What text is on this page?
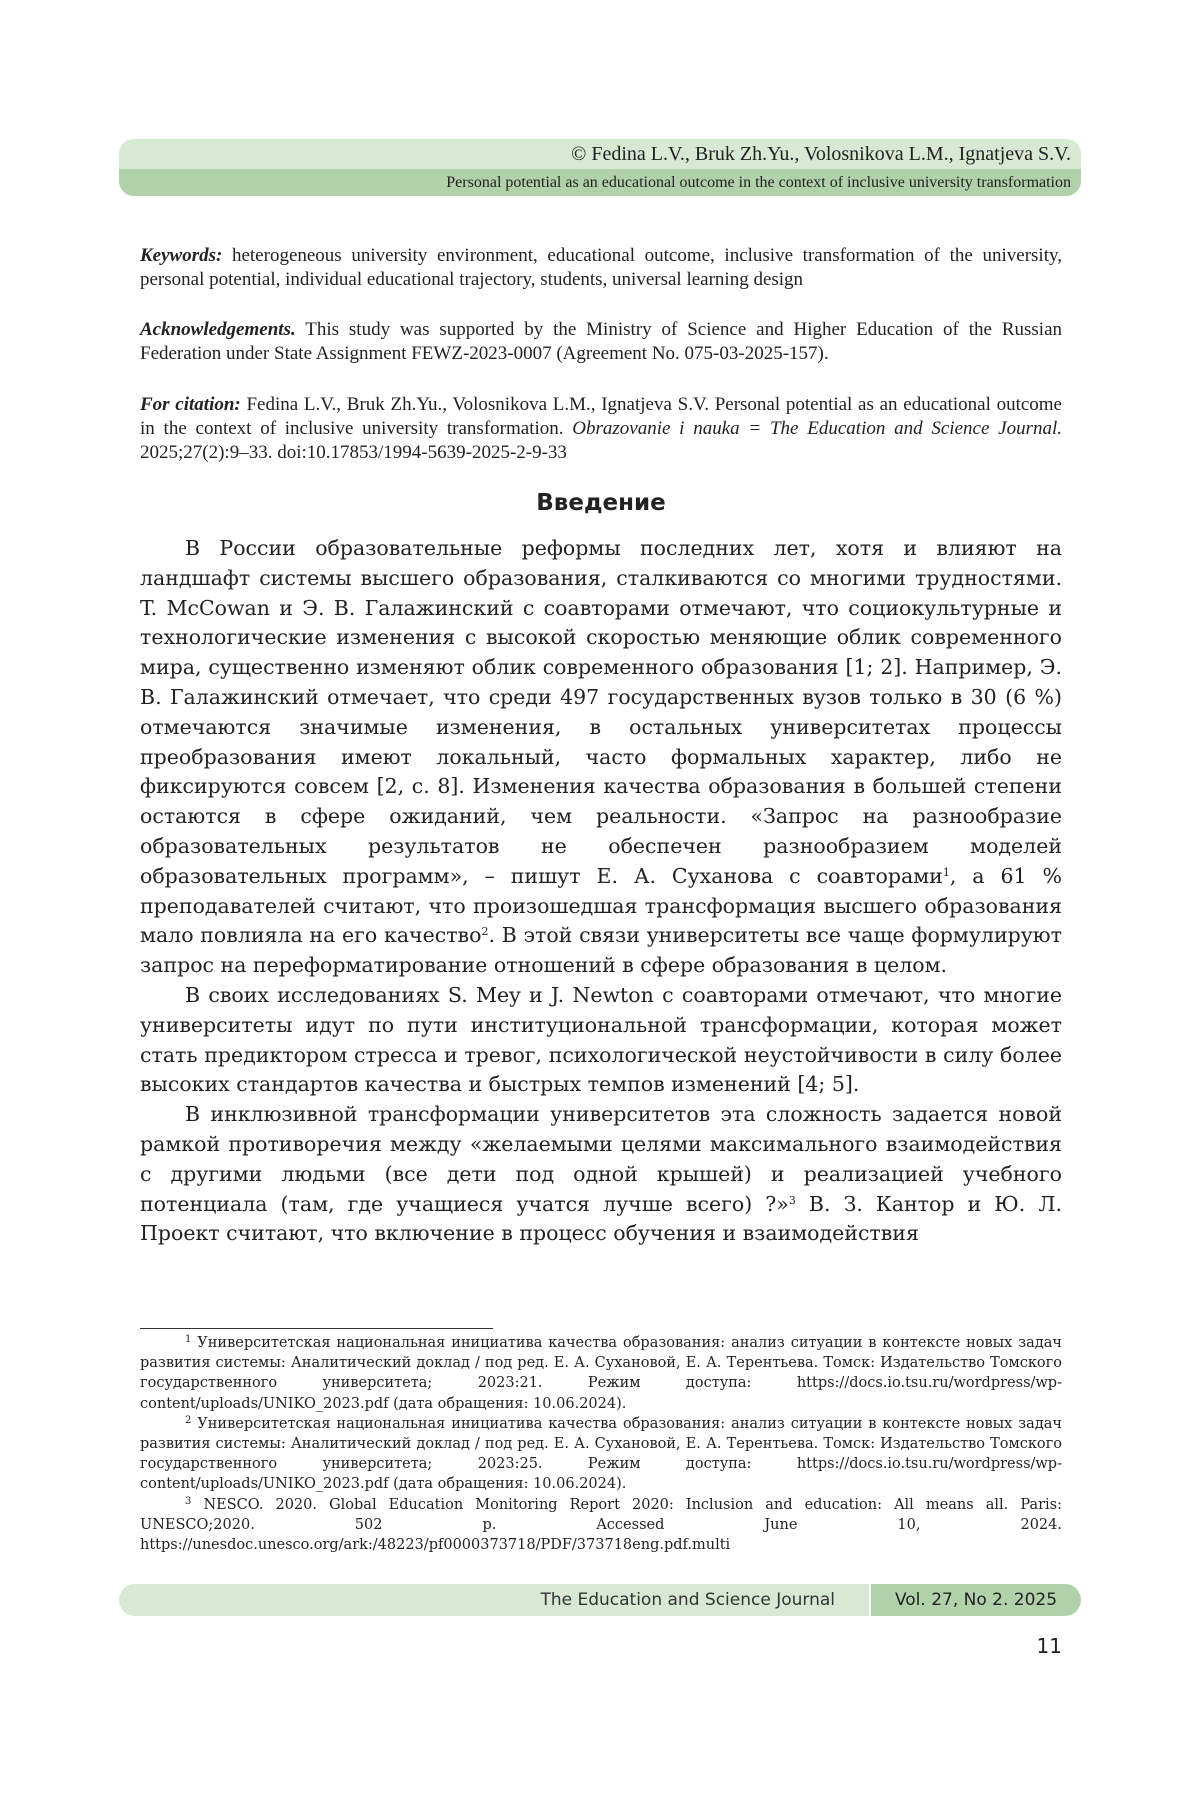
© Fedina L.V., Bruk Zh.Yu., Volosnikova L.M., Ignatjeva S.V.
Personal potential as an educational outcome in the context of inclusive university transformation
Keywords: heterogeneous university environment, educational outcome, inclusive transformation of the university, personal potential, individual educational trajectory, students, universal learning design
Acknowledgements. This study was supported by the Ministry of Science and Higher Education of the Russian Federation under State Assignment FEWZ-2023-0007 (Agreement No. 075-03-2025-157).
For citation: Fedina L.V., Bruk Zh.Yu., Volosnikova L.M., Ignatjeva S.V. Personal potential as an educational outcome in the context of inclusive university transformation. Obrazovanie i nauka = The Education and Science Journal. 2025;27(2):9–33. doi:10.17853/1994-5639-2025-2-9-33
Введение

В России образовательные реформы последних лет, хотя и влияют на ландшафт системы высшего образования, сталкиваются со многими трудностями. T. McCowan и Э. В. Галажинский с соавторами отмечают, что социокультурные и технологические изменения с высокой скоростью меняющие облик современного мира, существенно изменяют облик современного образования [1; 2]. Например, Э. В. Галажинский отмечает, что среди 497 государственных вузов только в 30 (6 %) отмечаются значимые изменения, в остальных университетах процессы преобразования имеют локальный, часто формальных характер, либо не фиксируются совсем [2, с. 8]. Изменения качества образования в большей степени остаются в сфере ожиданий, чем реальности. «Запрос на разнообразие образовательных результатов не обеспечен разнообразием моделей образовательных программ», – пишут Е. А. Суханова с соавторами$^1$, а 61 % преподавателей считают, что произошедшая трансформация высшего образования мало повлияла на его качество$^2$. В этой связи университеты все чаще формулируют запрос на переформатирование отношений в сфере образования в целом.

В своих исследованиях S. Mey и J. Newton с соавторами отмечают, что многие университеты идут по пути институциональной трансформации, которая может стать предиктором стресса и тревог, психологической неустойчивости в силу более высоких стандартов качества и быстрых темпов изменений [4; 5].

В инклюзивной трансформации университетов эта сложность задается новой рамкой противоречия между «желаемыми целями максимального взаимодействия с другими людьми (все дети под одной крышей) и реализацией учебного потенциала (там, где учащиеся учатся лучше всего) ?»$^3$ В. З. Кантор и Ю. Л. Проект считают, что включение в процесс обучения и взаимодействия

$^1$ Университетская национальная инициатива качества образования: анализ ситуации в контексте новых задач развития системы: Аналитический доклад / под ред. Е. А. Сухановой, Е. А. Терентьева. Томск: Издательство Томского государственного университета; 2023:21. Режим доступа: https://docs.io.tsu.ru/wordpress/wp-content/uploads/UNIKO_2023.pdf (дата обращения: 10.06.2024).

$^2$ Университетская национальная инициатива качества образования: анализ ситуации в контексте новых задач развития системы: Аналитический доклад / под ред. Е. А. Сухановой, Е. А. Терентьева. Томск: Издательство Томского государственного университета; 2023:25. Режим доступа: https://docs.io.tsu.ru/wordpress/wp-content/uploads/UNIKO_2023.pdf (дата обращения: 10.06.2024).

$^3$ NESCO. 2020. Global Education Monitoring Report 2020: Inclusion and education: All means all. Paris: UNESCO;2020. 502 p. Accessed June 10, 2024. https://unesdoc.unesco.org/ark:/48223/pf0000373718/PDF/373718eng.pdf.multi

The Education and Science Journal	Vol. 27, No 2. 2025
11
